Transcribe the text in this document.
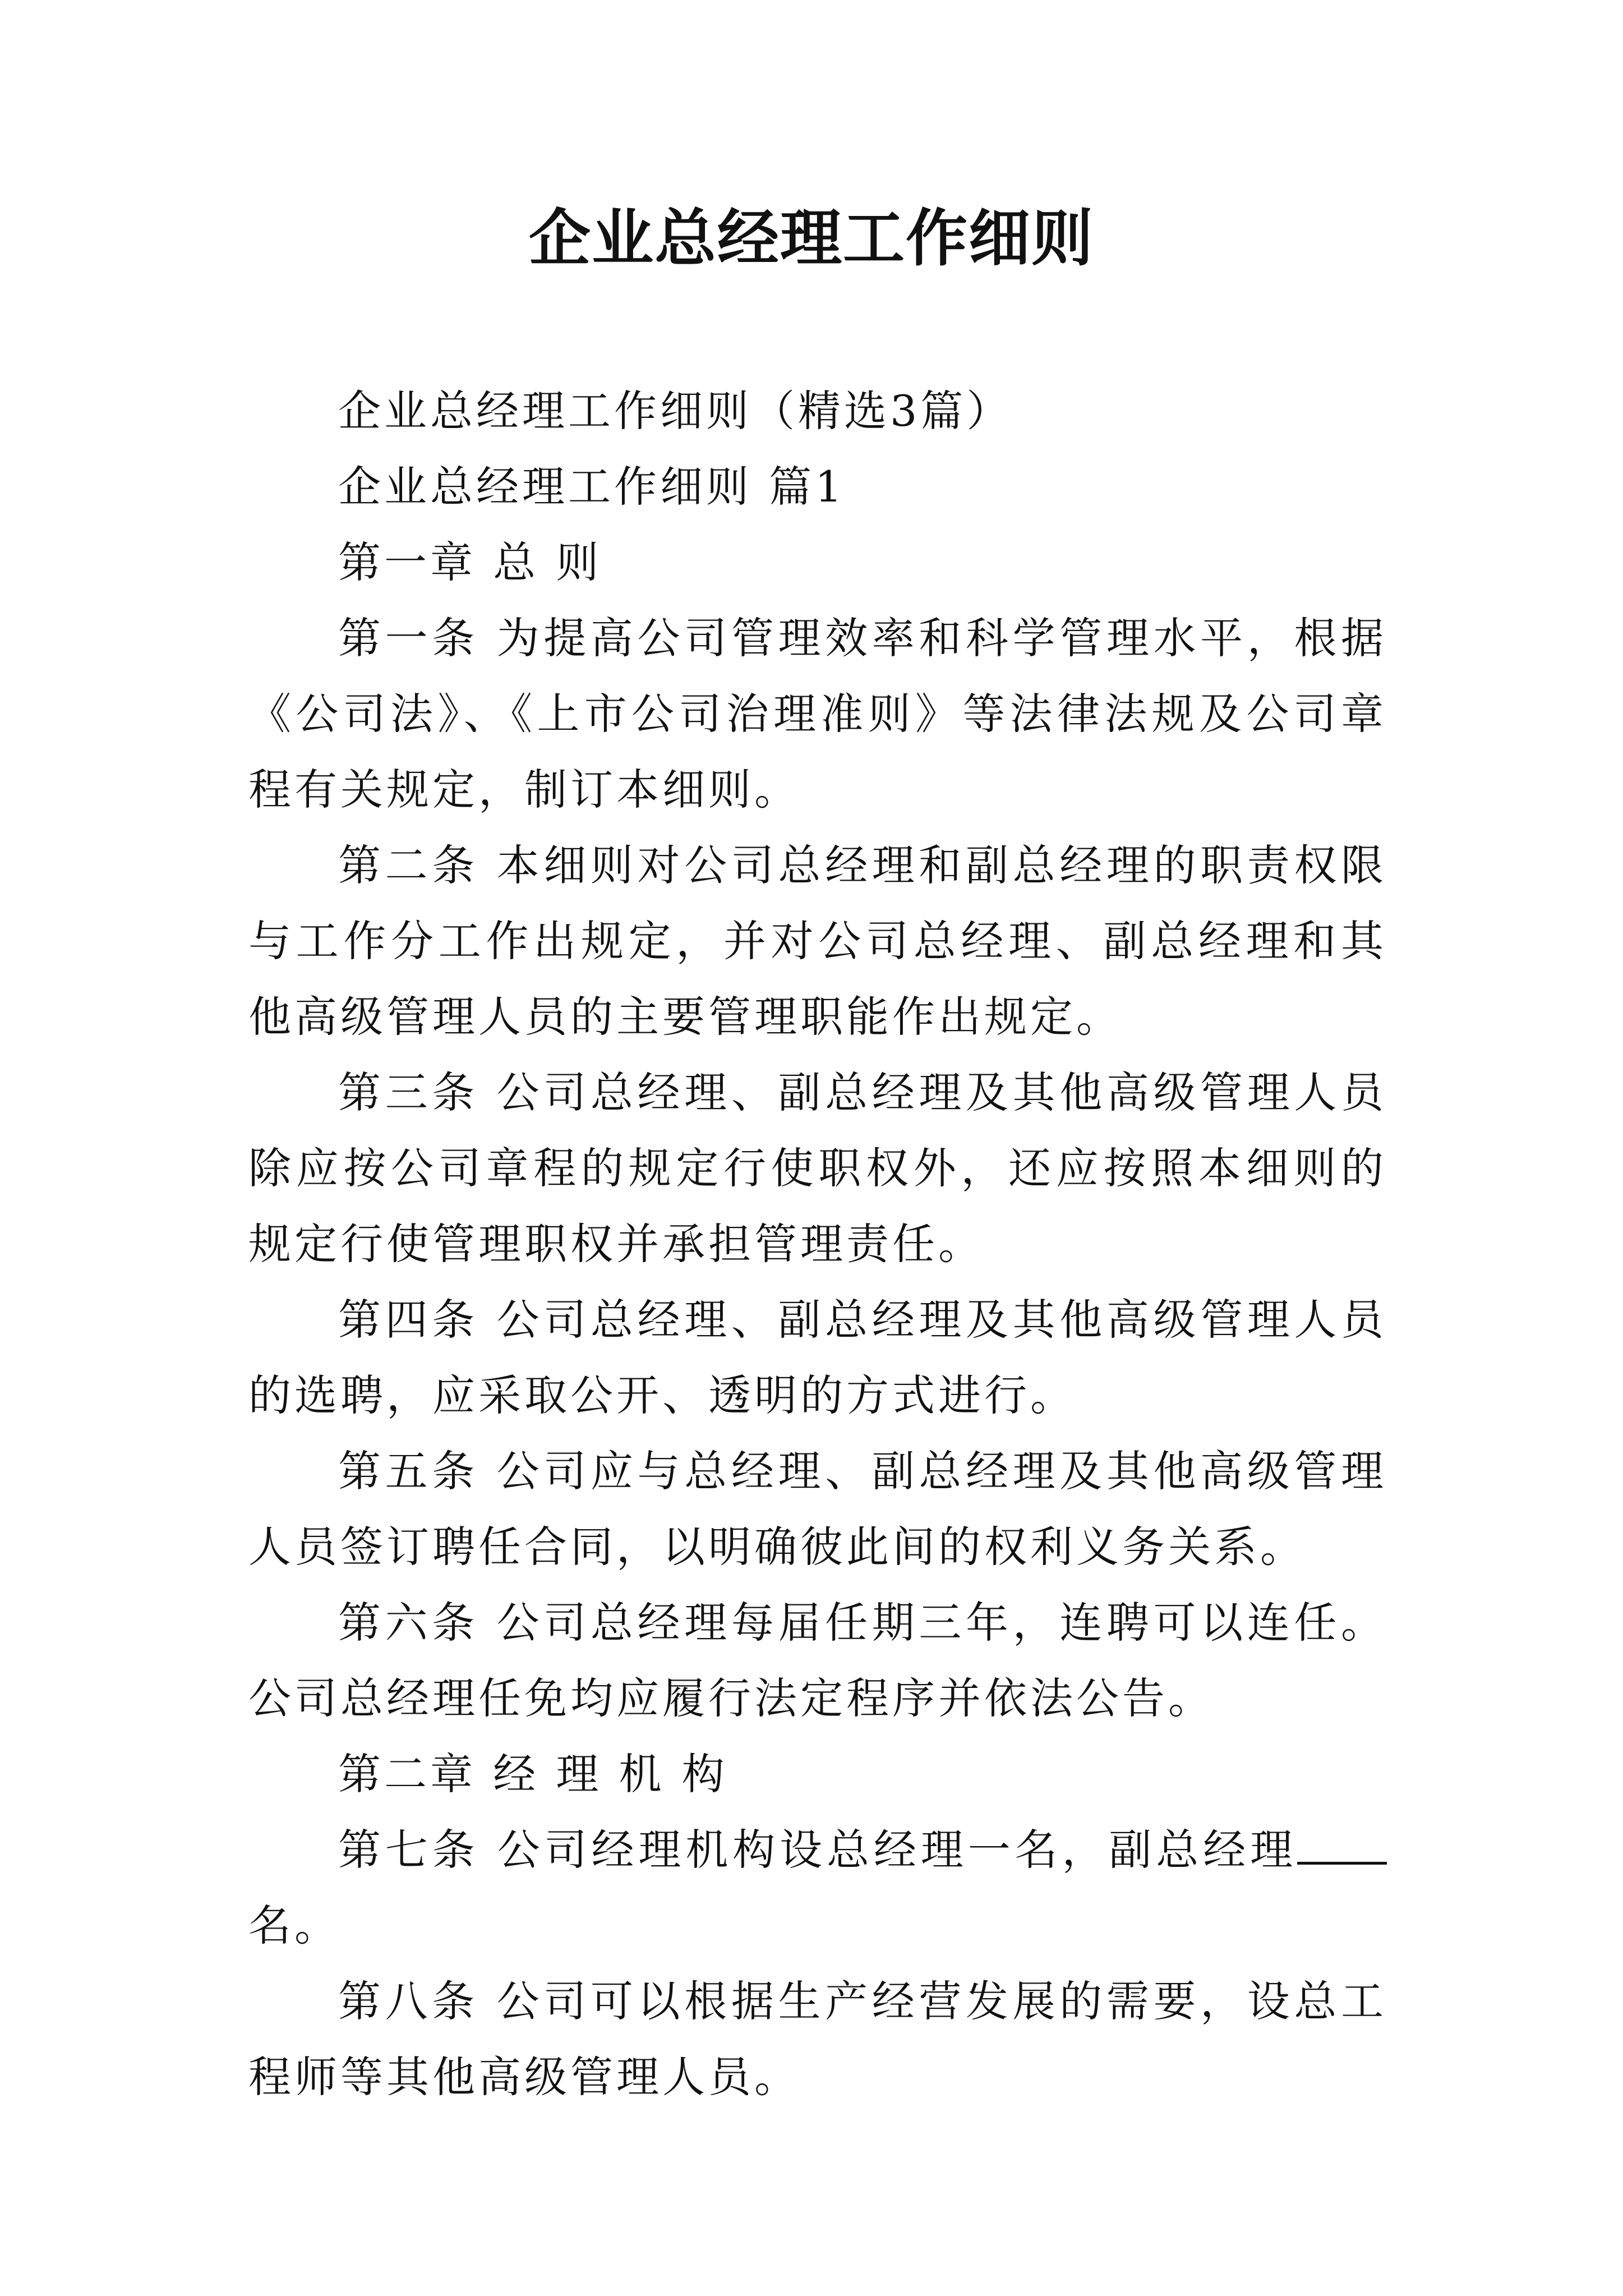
企业总经理工作细则

企业总经理工作细则（精选3篇）

企业总经理工作细则 篇1

第一章 总 则

第一条 为提高公司管理效率和科学管理水平，根据《公司法》、《上市公司治理准则》等法律法规及公司章程有关规定，制订本细则。

第二条 本细则对公司总经理和副总经理的职责权限与工作分工作出规定，并对公司总经理、副总经理和其他高级管理人员的主要管理职能作出规定。

第三条 公司总经理、副总经理及其他高级管理人员除应按公司章程的规定行使职权外，还应按照本细则的规定行使管理职权并承担管理责任。

第四条 公司总经理、副总经理及其他高级管理人员的选聘，应采取公开、透明的方式进行。

第五条 公司应与总经理、副总经理及其他高级管理人员签订聘任合同，以明确彼此间的权利义务关系。

第六条 公司总经理每届任期三年，连聘可以连任。公司总经理任免均应履行法定程序并依法公告。

第二章 经 理 机 构

第七条 公司经理机构设总经理一名，副总经理名。

第八条 公司可以根据生产经营发展的需要，设总工程师等其他高级管理人员。
